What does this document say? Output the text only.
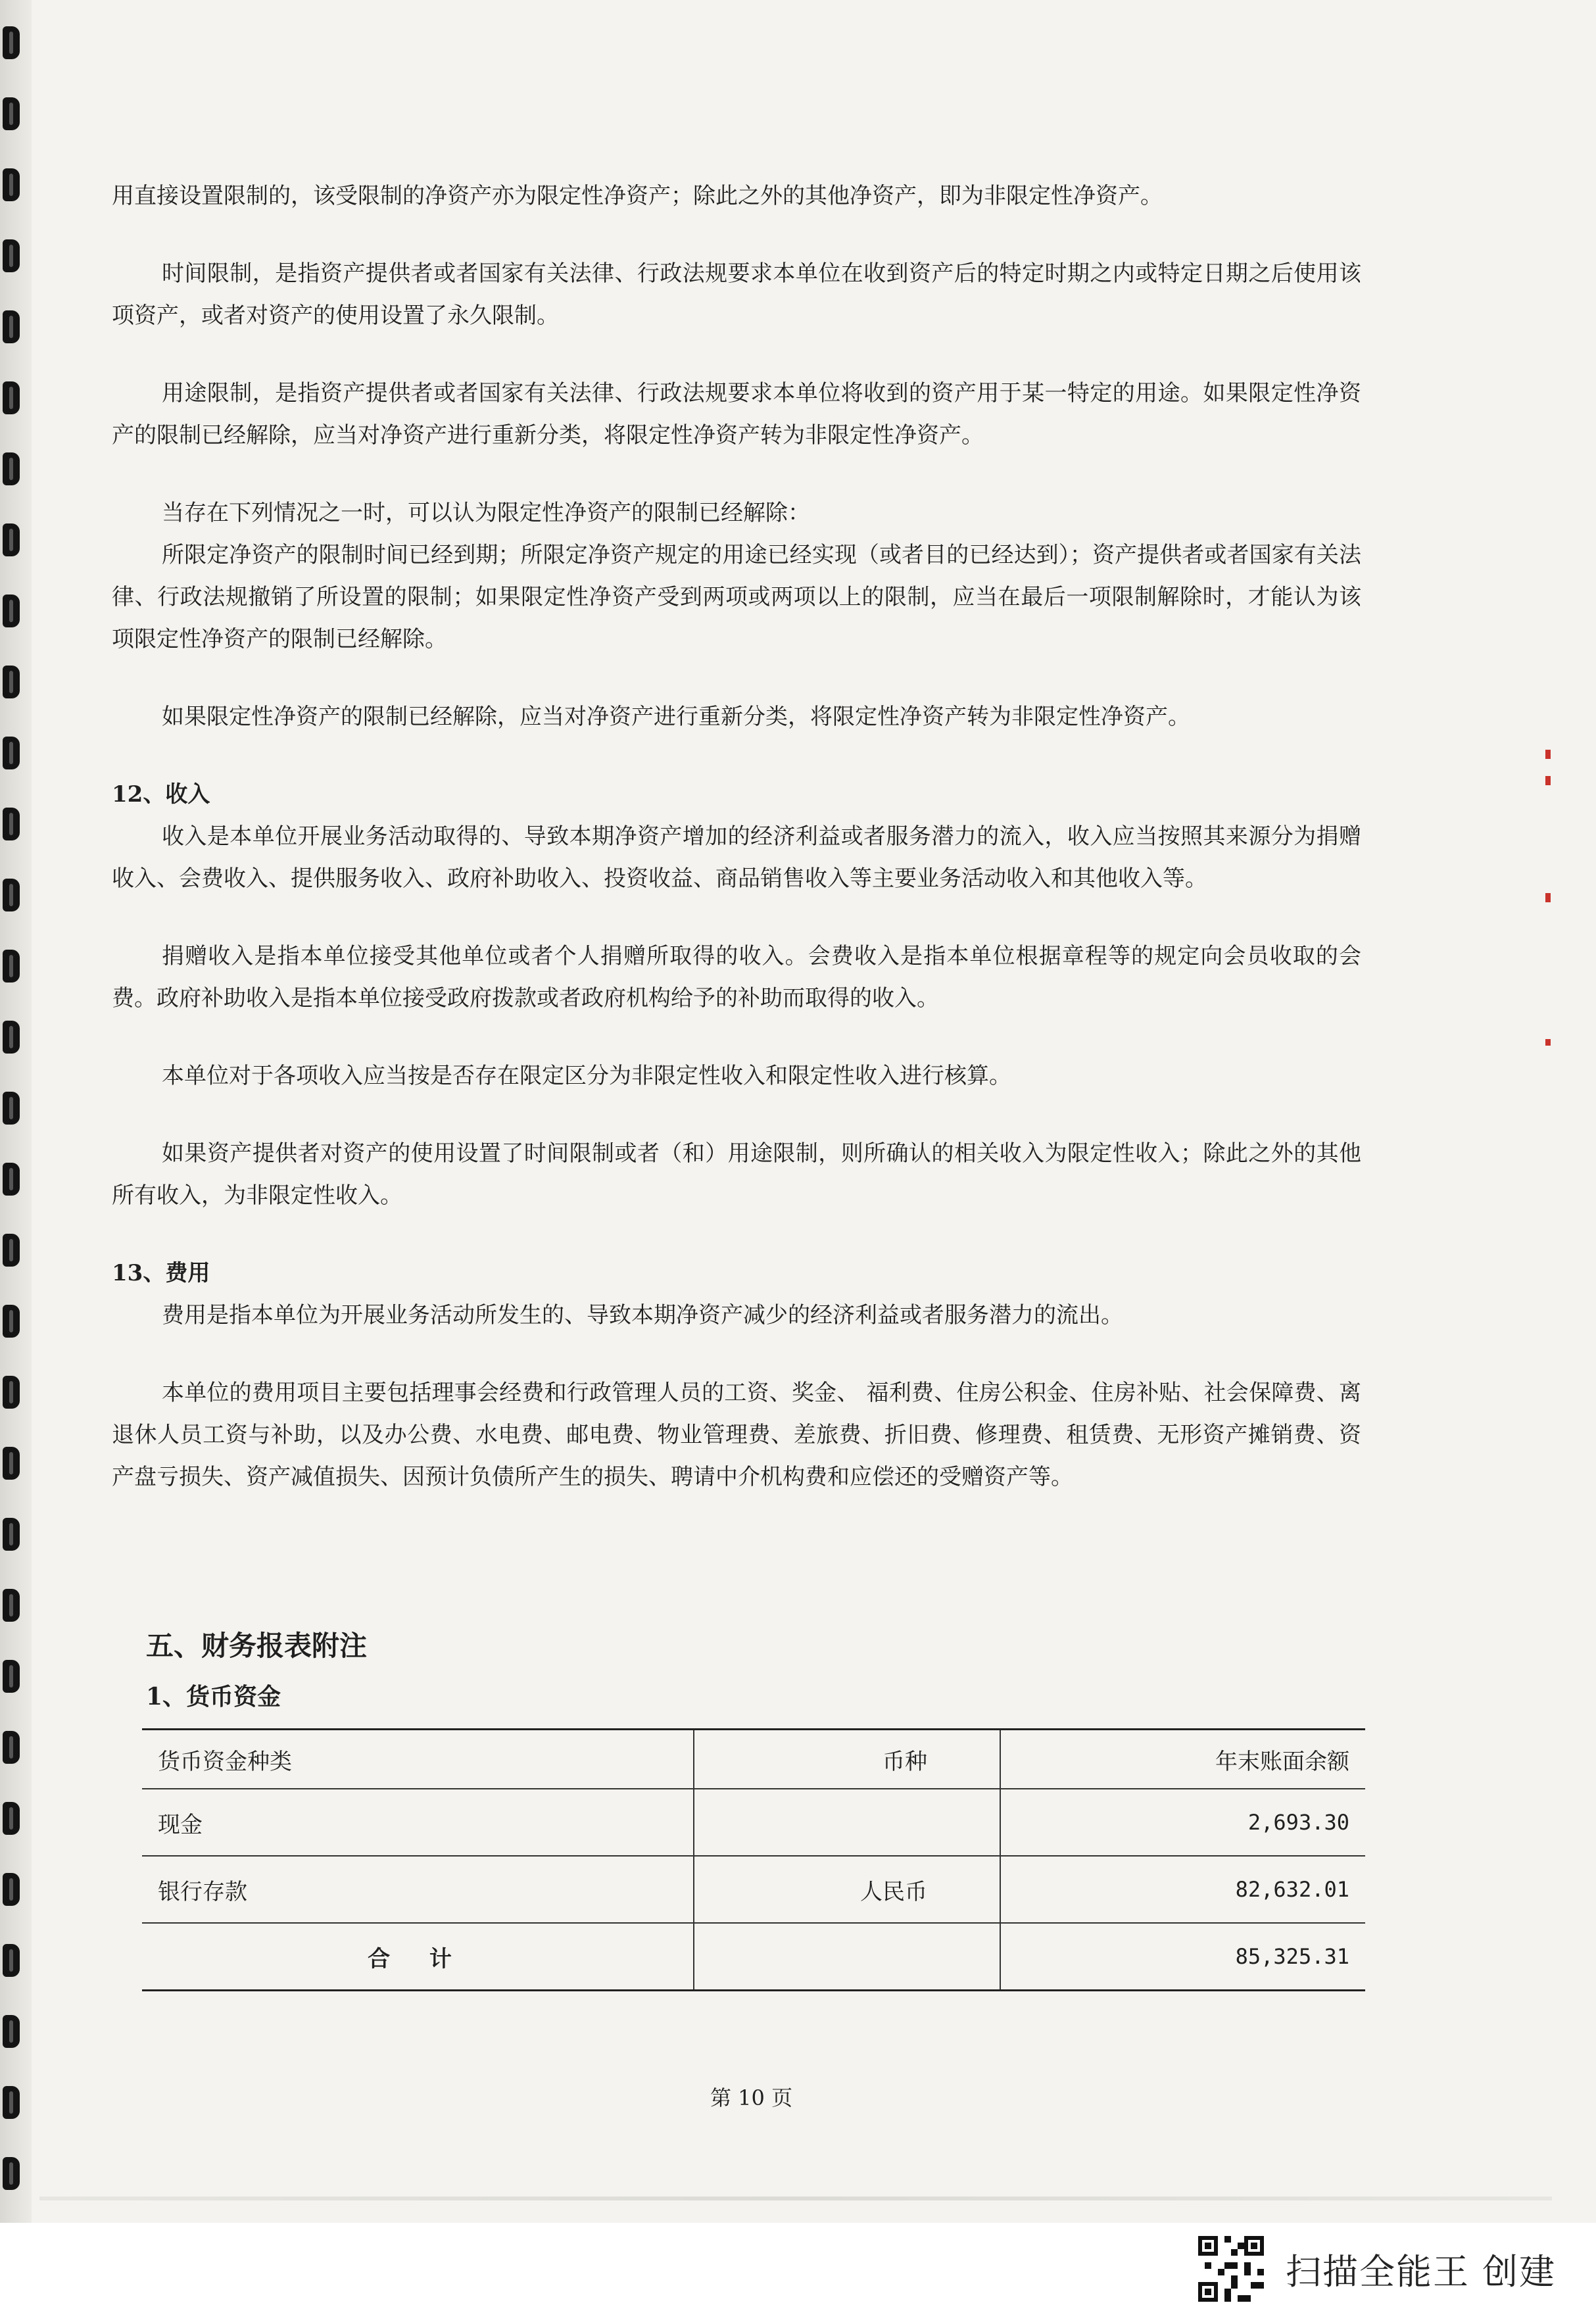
用直接设置限制的，该受限制的净资产亦为限定性净资产；除此之外的其他净资产，即为非限定性净资产。

时间限制，是指资产提供者或者国家有关法律、行政法规要求本单位在收到资产后的特定时期之内或特定日期之后使用该项资产，或者对资产的使用设置了永久限制。

用途限制，是指资产提供者或者国家有关法律、行政法规要求本单位将收到的资产用于某一特定的用途。如果限定性净资产的限制已经解除，应当对净资产进行重新分类，将限定性净资产转为非限定性净资产。

当存在下列情况之一时，可以认为限定性净资产的限制已经解除：

所限定净资产的限制时间已经到期；所限定净资产规定的用途已经实现（或者目的已经达到）；资产提供者或者国家有关法律、行政法规撤销了所设置的限制；如果限定性净资产受到两项或两项以上的限制，应当在最后一项限制解除时，才能认为该项限定性净资产的限制已经解除。

如果限定性净资产的限制已经解除，应当对净资产进行重新分类，将限定性净资产转为非限定性净资产。

12、收入

收入是本单位开展业务活动取得的、导致本期净资产增加的经济利益或者服务潜力的流入，收入应当按照其来源分为捐赠收入、会费收入、提供服务收入、政府补助收入、投资收益、商品销售收入等主要业务活动收入和其他收入等。

捐赠收入是指本单位接受其他单位或者个人捐赠所取得的收入。会费收入是指本单位根据章程等的规定向会员收取的会费。政府补助收入是指本单位接受政府拨款或者政府机构给予的补助而取得的收入。

本单位对于各项收入应当按是否存在限定区分为非限定性收入和限定性收入进行核算。

如果资产提供者对资产的使用设置了时间限制或者（和）用途限制，则所确认的相关收入为限定性收入；除此之外的其他所有收入，为非限定性收入。

13、费用

费用是指本单位为开展业务活动所发生的、导致本期净资产减少的经济利益或者服务潜力的流出。

本单位的费用项目主要包括理事会经费和行政管理人员的工资、奖金、 福利费、住房公积金、住房补贴、社会保障费、离退休人员工资与补助，以及办公费、水电费、邮电费、物业管理费、差旅费、折旧费、修理费、租赁费、无形资产摊销费、资产盘亏损失、资产减值损失、因预计负债所产生的损失、聘请中介机构费和应偿还的受赠资产等。

五、财务报表附注

1、货币资金

货币资金种类	币种	年末账面余额
现金		2,693.30
银行存款	人民币	82,632.01
合 计		85,325.31

第 10 页

扫描全能王 创建
